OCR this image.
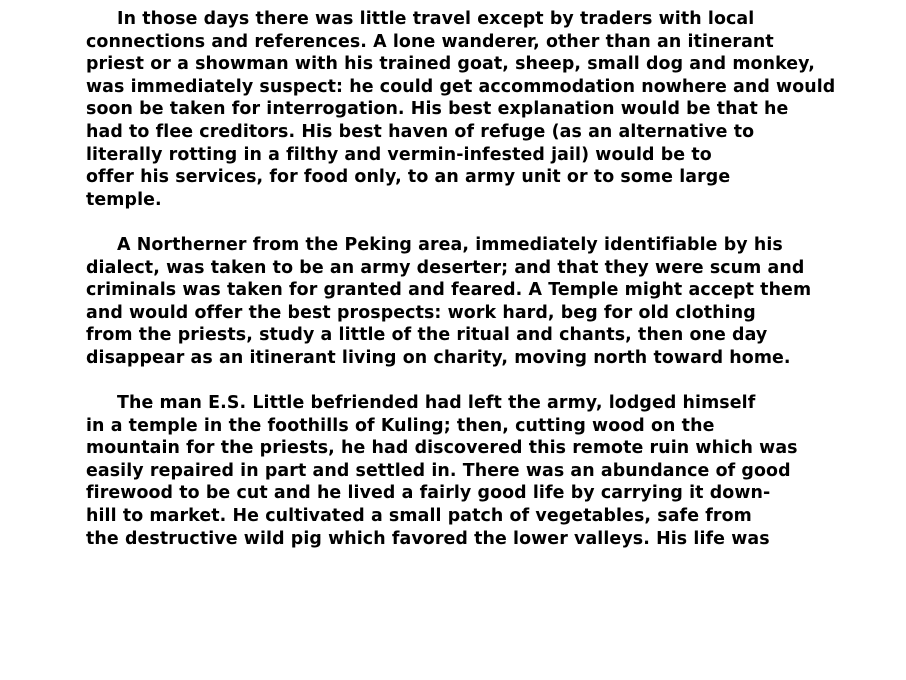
In those days there was little travel except by traders with local
connections and references. A lone wanderer, other than an itinerant
priest or a showman with his trained goat, sheep, small dog and monkey,
was immediately suspect: he could get accommodation nowhere and would
soon be taken for interrogation. His best explanation would be that he
had to flee creditors. His best haven of refuge (as an alternative to
literally rotting in a filthy and vermin-infested jail) would be to
offer his services, for food only, to an army unit or to some large
temple.
A Northerner from the Peking area, immediately identifiable by his
dialect, was taken to be an army deserter; and that they were scum and
criminals was taken for granted and feared. A Temple might accept them
and would offer the best prospects: work hard, beg for old clothing
from the priests, study a little of the ritual and chants, then one day
disappear as an itinerant living on charity, moving north toward home.
The man E.S. Little befriended had left the army, lodged himself
in a temple in the foothills of Kuling; then, cutting wood on the
mountain for the priests, he had discovered this remote ruin which was
easily repaired in part and settled in. There was an abundance of good
firewood to be cut and he lived a fairly good life by carrying it down-
hill to market. He cultivated a small patch of vegetables, safe from
the destructive wild pig which favored the lower valleys. His life was
